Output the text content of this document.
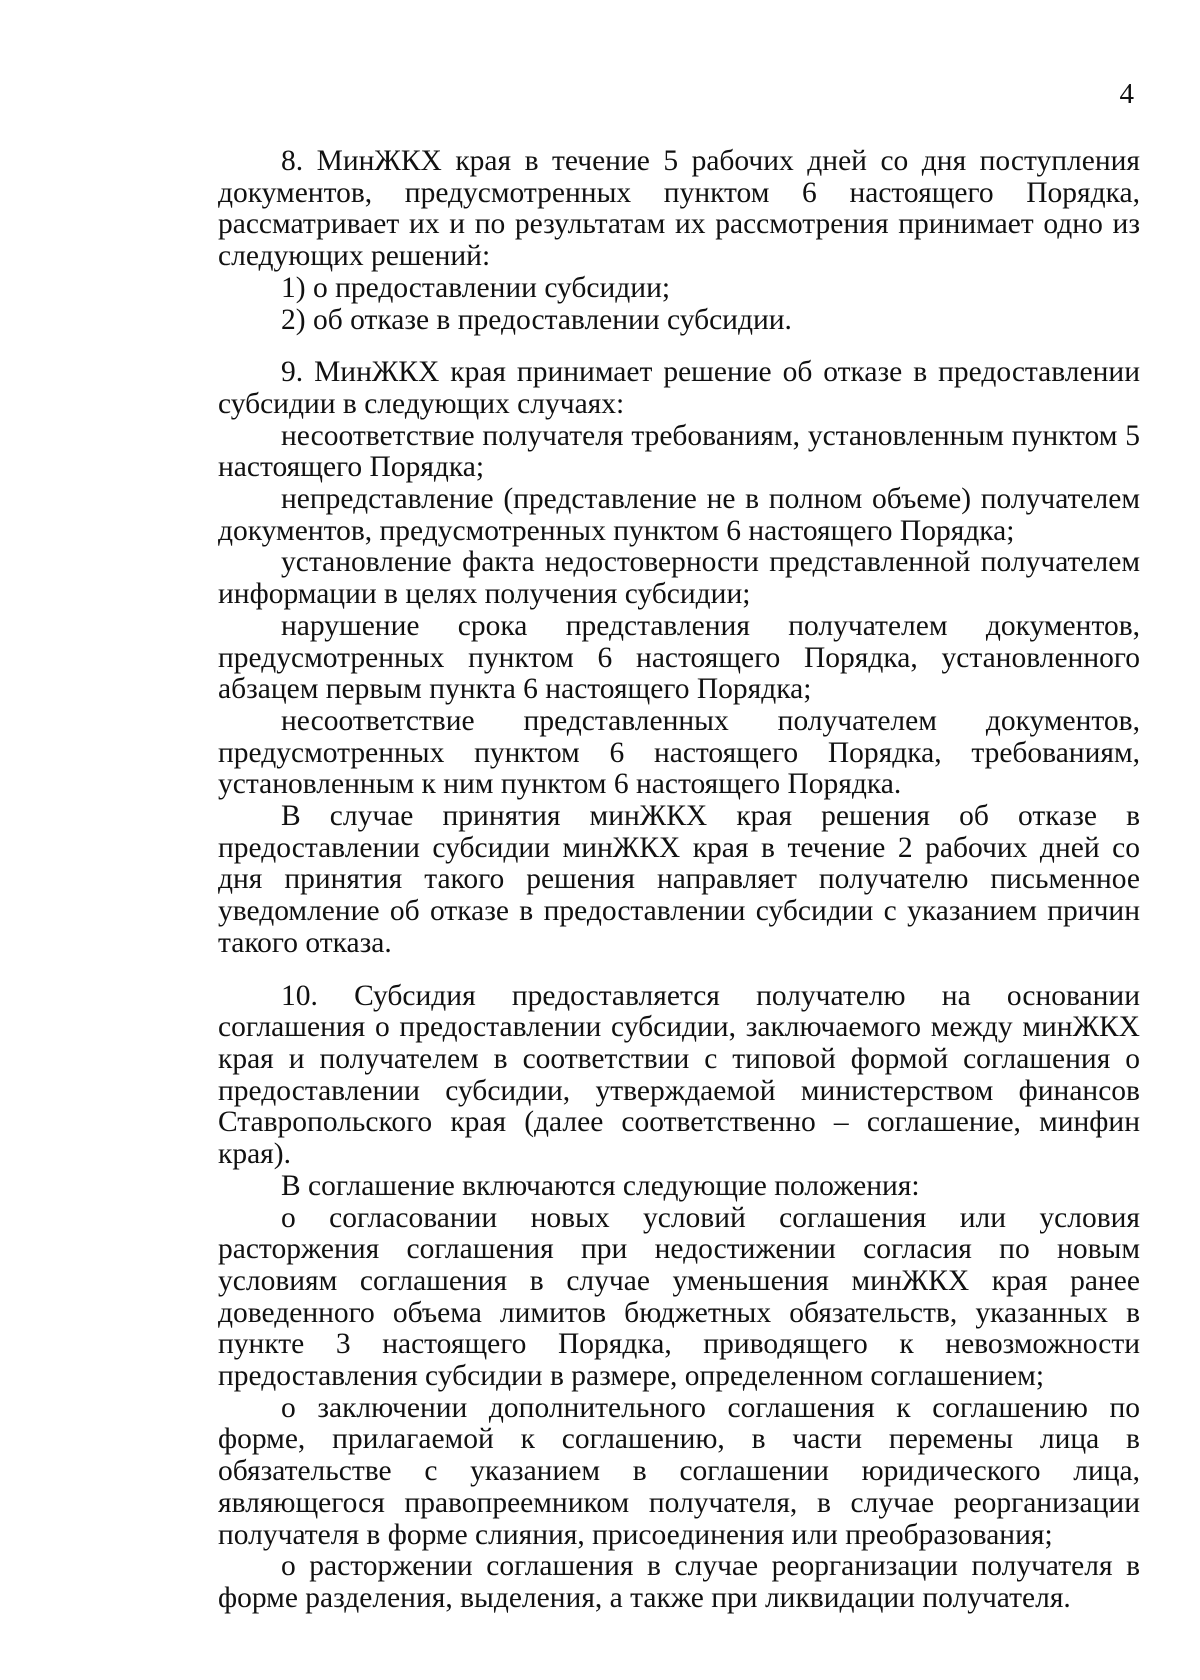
4

8. МинЖКХ края в течение 5 рабочих дней со дня поступления документов, предусмотренных пунктом 6 настоящего Порядка, рассматривает их и по результатам их рассмотрения принимает одно из следующих решений:

1) о предоставлении субсидии;

2) об отказе в предоставлении субсидии.

9. МинЖКХ края принимает решение об отказе в предоставлении субсидии в следующих случаях:

несоответствие получателя требованиям, установленным пунктом 5 настоящего Порядка;

непредставление (представление не в полном объеме) получателем документов, предусмотренных пунктом 6 настоящего Порядка;

установление факта недостоверности представленной получателем информации в целях получения субсидии;

нарушение срока представления получателем документов, предусмотренных пунктом 6 настоящего Порядка, установленного абзацем первым пункта 6 настоящего Порядка;

несоответствие представленных получателем документов, предусмотренных пунктом 6 настоящего Порядка, требованиям, установленным к ним пунктом 6 настоящего Порядка.

В случае принятия минЖКХ края решения об отказе в предоставлении субсидии минЖКХ края в течение 2 рабочих дней со дня принятия такого решения направляет получателю письменное уведомление об отказе в предоставлении субсидии с указанием причин такого отказа.

10. Субсидия предоставляется получателю на основании соглашения о предоставлении субсидии, заключаемого между минЖКХ края и получателем в соответствии с типовой формой соглашения о предоставлении субсидии, утверждаемой министерством финансов Ставропольского края (далее соответственно – соглашение, минфин края).

В соглашение включаются следующие положения:

о согласовании новых условий соглашения или условия расторжения соглашения при недостижении согласия по новым условиям соглашения в случае уменьшения минЖКХ края ранее доведенного объема лимитов бюджетных обязательств, указанных в пункте 3 настоящего Порядка, приводящего к невозможности предоставления субсидии в размере, определенном соглашением;

о заключении дополнительного соглашения к соглашению по форме, прилагаемой к соглашению, в части перемены лица в обязательстве с указанием в соглашении юридического лица, являющегося правопреемником получателя, в случае реорганизации получателя в форме слияния, присоединения или преобразования;

о расторжении соглашения в случае реорганизации получателя в форме разделения, выделения, а также при ликвидации получателя.
